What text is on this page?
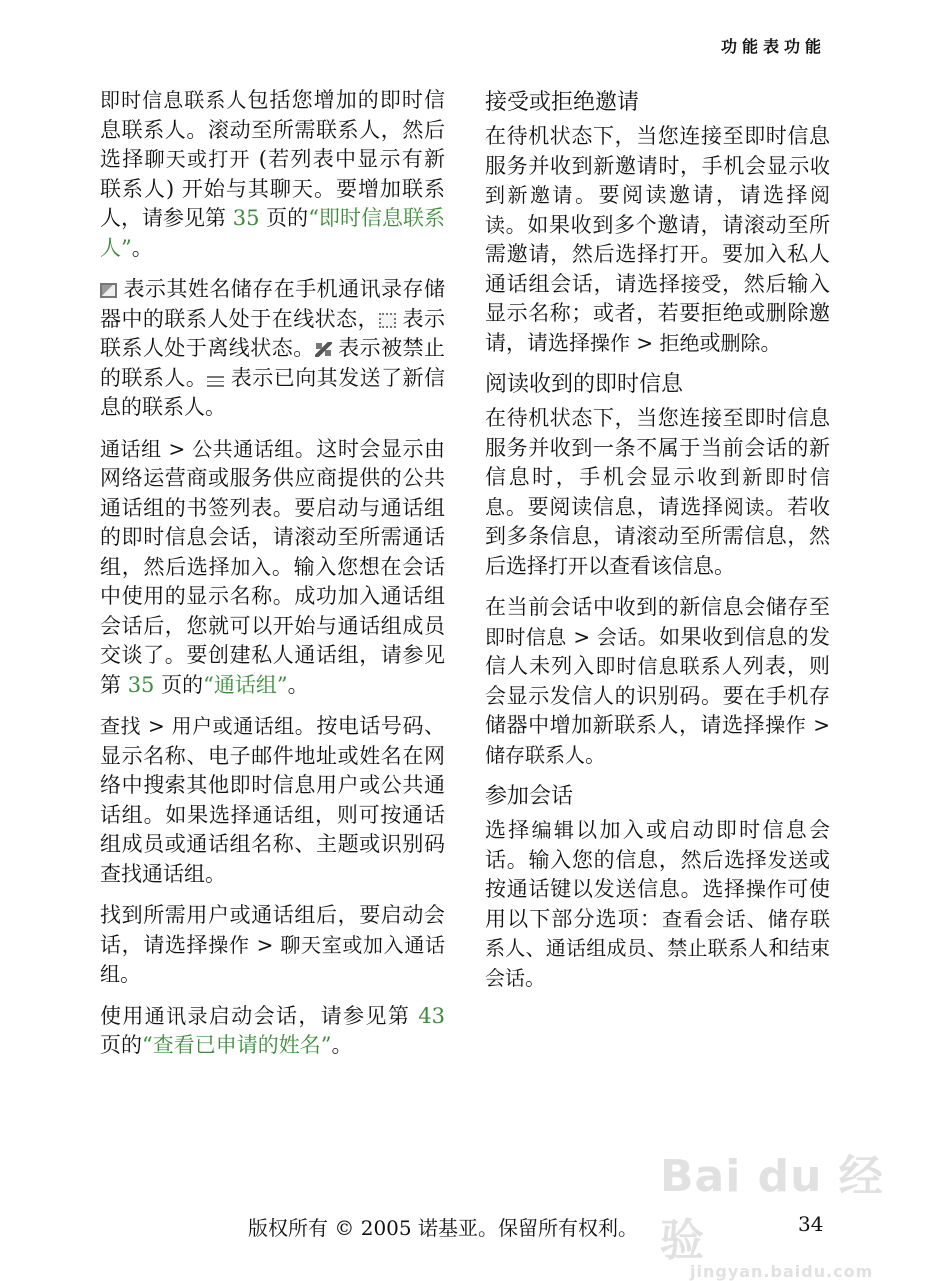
功能表功能

即时信息联系人包括您增加的即时信息联系人。滚动至所需联系人，然后选择聊天或打开 (若列表中显示有新联系人) 开始与其聊天。要增加联系人，请参见第 35 页的“即时信息联系人”。

表示其姓名储存在手机通讯录存储器中的联系人处于在线状态， 表示联系人处于离线状态。 表示被禁止的联系人。 表示已向其发送了新信息的联系人。

通话组 > 公共通话组。这时会显示由网络运营商或服务供应商提供的公共通话组的书签列表。要启动与通话组的即时信息会话，请滚动至所需通话组，然后选择加入。输入您想在会话中使用的显示名称。成功加入通话组会话后，您就可以开始与通话组成员交谈了。要创建私人通话组，请参见第 35 页的“通话组”。

查找 > 用户或通话组。按电话号码、显示名称、电子邮件地址或姓名在网络中搜索其他即时信息用户或公共通话组。如果选择通话组，则可按通话组成员或通话组名称、主题或识别码查找通话组。

找到所需用户或通话组后，要启动会话，请选择操作 > 聊天室或加入通话组。

使用通讯录启动会话，请参见第 43 页的“查看已申请的姓名”。

接受或拒绝邀请

在待机状态下，当您连接至即时信息服务并收到新邀请时，手机会显示收到新邀请。要阅读邀请，请选择阅读。如果收到多个邀请，请滚动至所需邀请，然后选择打开。要加入私人通话组会话，请选择接受，然后输入显示名称；或者，若要拒绝或删除邀请，请选择操作 > 拒绝或删除。

阅读收到的即时信息

在待机状态下，当您连接至即时信息服务并收到一条不属于当前会话的新信息时，手机会显示收到新即时信息。要阅读信息，请选择阅读。若收到多条信息，请滚动至所需信息，然后选择打开以查看该信息。

在当前会话中收到的新信息会储存至即时信息 > 会话。如果收到信息的发信人未列入即时信息联系人列表，则会显示发信人的识别码。要在手机存储器中增加新联系人，请选择操作 > 储存联系人。

参加会话

选择编辑以加入或启动即时信息会话。输入您的信息，然后选择发送或按通话键以发送信息。选择操作可使用以下部分选项：查看会话、储存联系人、通话组成员、禁止联系人和结束会话。

Bai du 经验
jingyan.baidu.com
版权所有 © 2005 诺基亚。保留所有权利。	34
